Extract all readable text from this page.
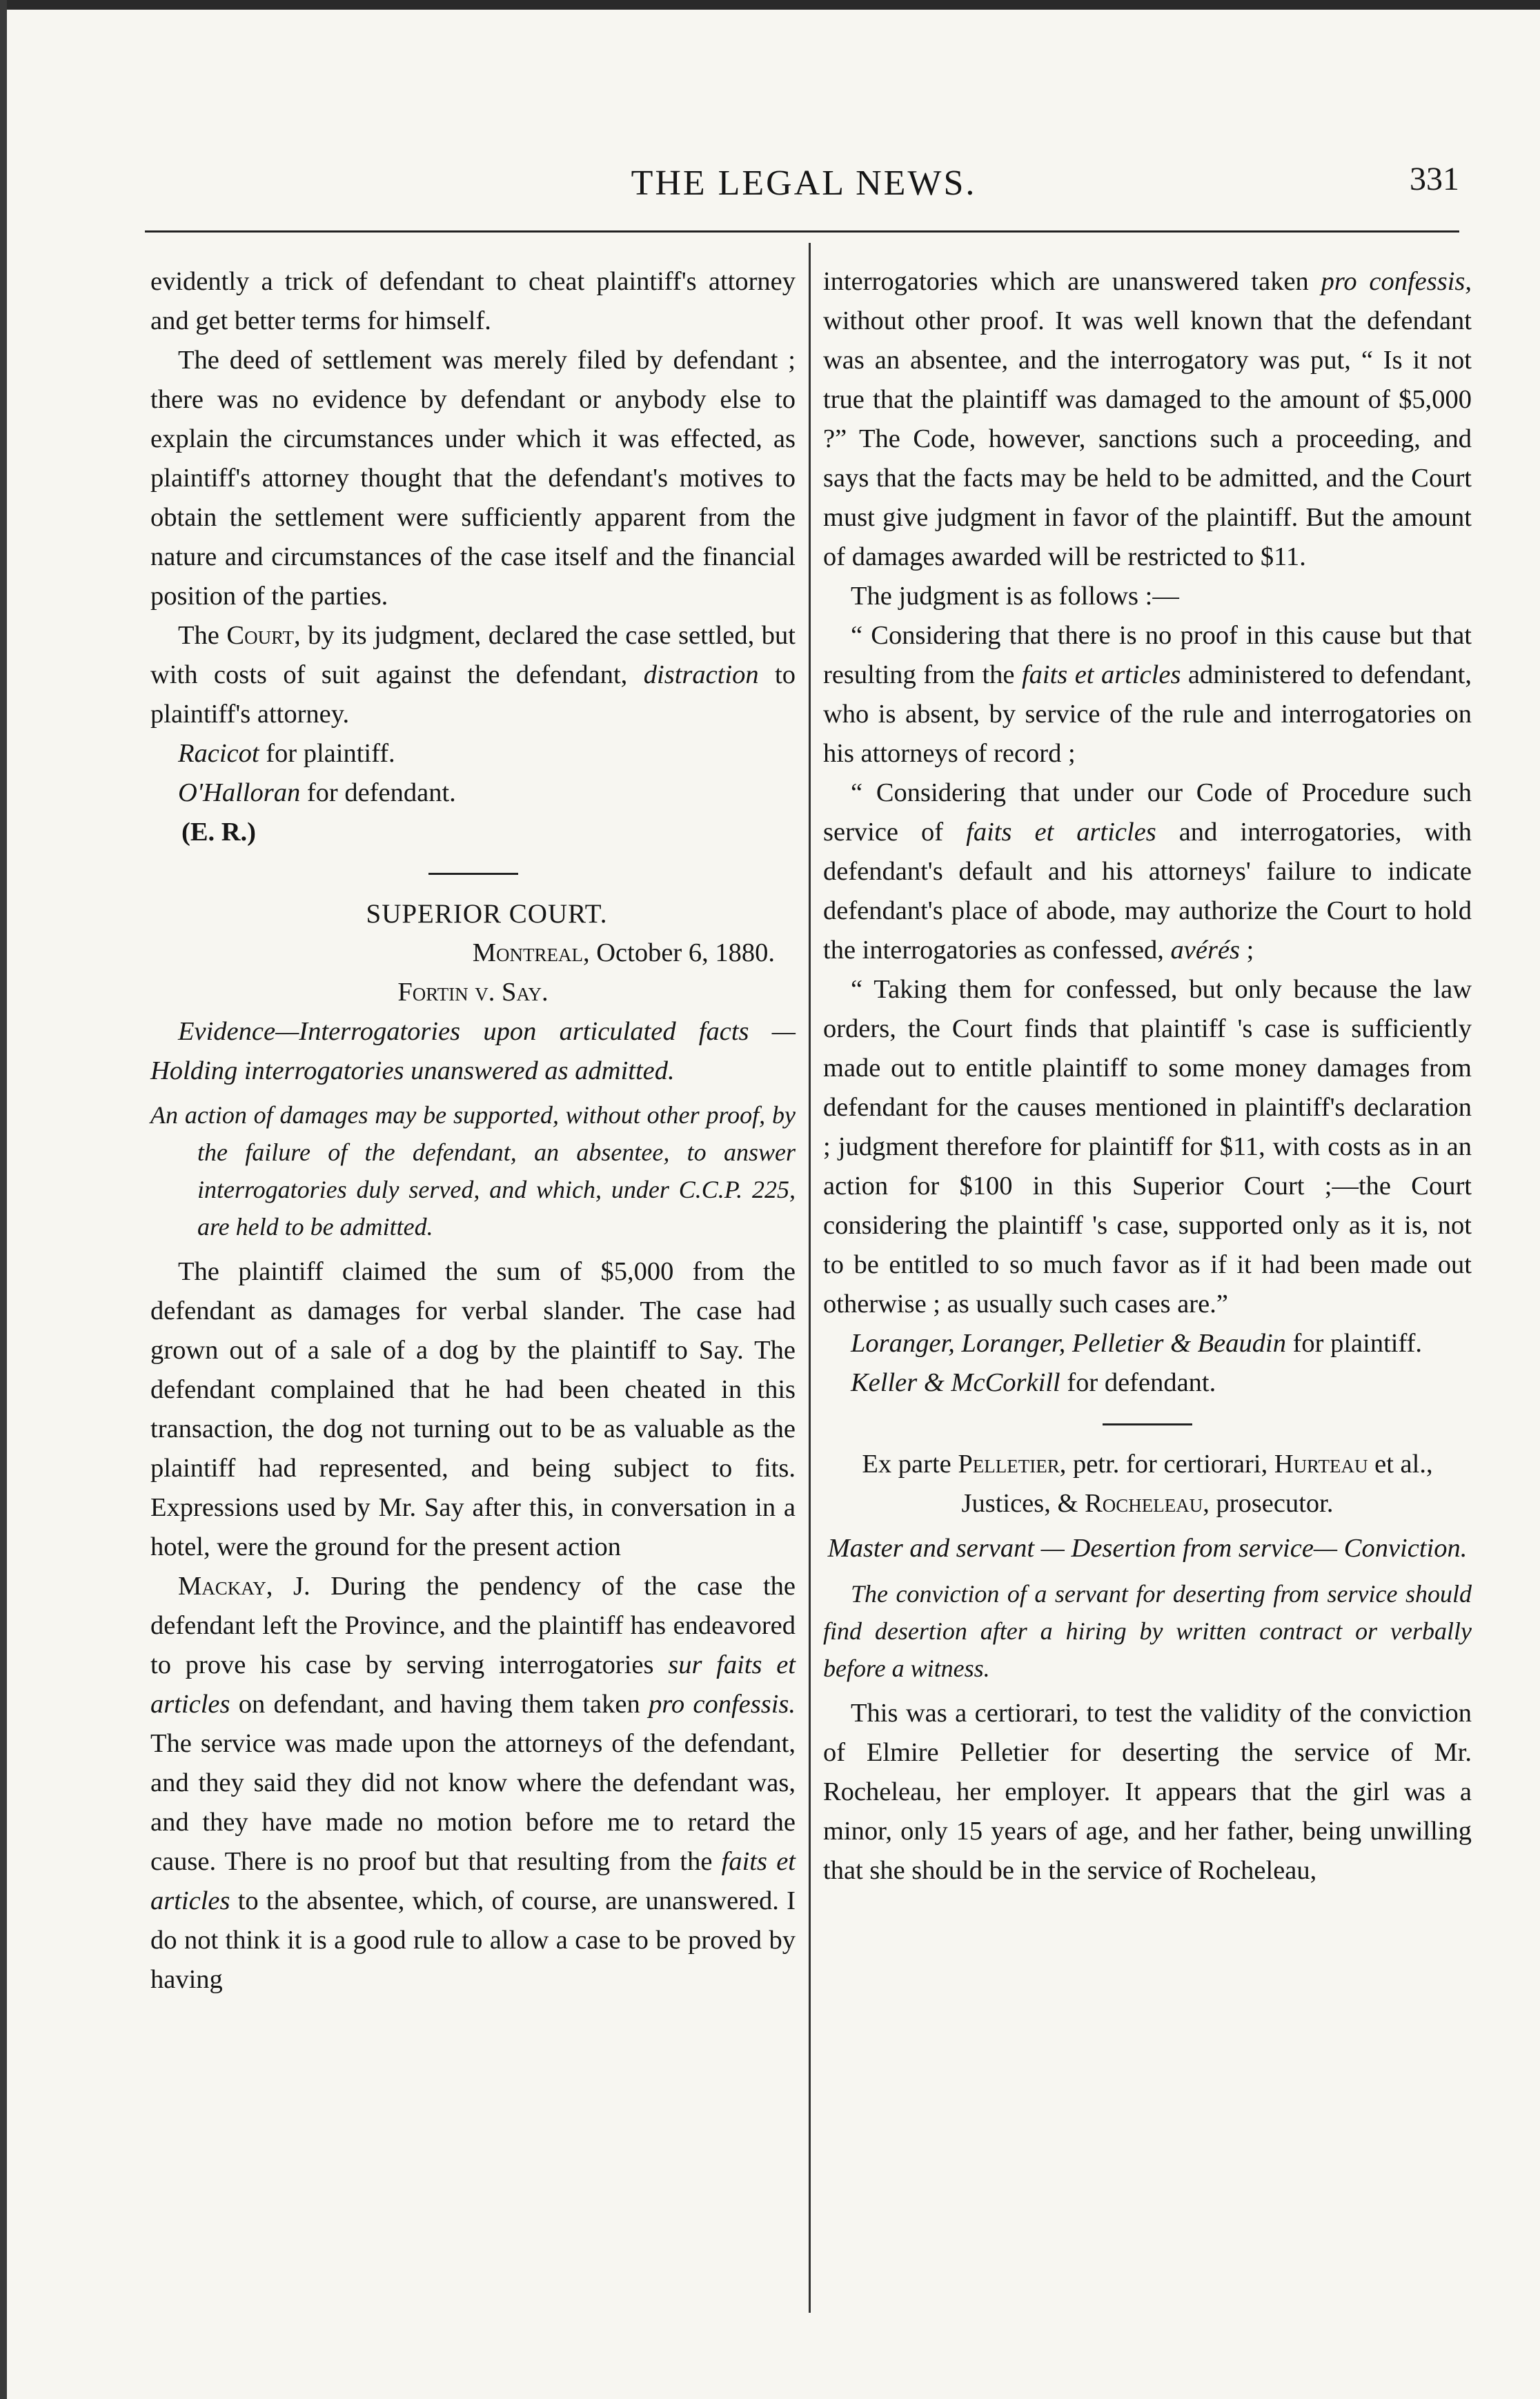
THE LEGAL NEWS.	331

evidently a trick of defendant to cheat plaintiff's attorney and get better terms for himself.

The deed of settlement was merely filed by defendant ; there was no evidence by defendant or anybody else to explain the circumstances under which it was effected, as plaintiff's attorney thought that the defendant's motives to obtain the settlement were sufficiently apparent from the nature and circumstances of the case itself and the financial position of the parties.

The Court, by its judgment, declared the case settled, but with costs of suit against the defendant, distraction to plaintiff's attorney.

Racicot for plaintiff.

O'Halloran for defendant.

(E. R.)

SUPERIOR COURT.

Montreal, October 6, 1880.

Fortin v. Say.

Evidence—Interrogatories upon articulated facts —Holding interrogatories unanswered as admitted.

An action of damages may be supported, without other proof, by the failure of the defendant, an absentee, to answer interrogatories duly served, and which, under C.C.P. 225, are held to be admitted.

The plaintiff claimed the sum of $5,000 from the defendant as damages for verbal slander. The case had grown out of a sale of a dog by the plaintiff to Say. The defendant complained that he had been cheated in this transaction, the dog not turning out to be as valuable as the plaintiff had represented, and being subject to fits. Expressions used by Mr. Say after this, in conversation in a hotel, were the ground for the present action

Mackay, J. During the pendency of the case the defendant left the Province, and the plaintiff has endeavored to prove his case by serving interrogatories sur faits et articles on defendant, and having them taken pro confessis. The service was made upon the attorneys of the defendant, and they said they did not know where the defendant was, and they have made no motion before me to retard the cause. There is no proof but that resulting from the faits et articles to the absentee, which, of course, are unanswered. I do not think it is a good rule to allow a case to be proved by having

interrogatories which are unanswered taken pro confessis, without other proof. It was well known that the defendant was an absentee, and the interrogatory was put, “ Is it not true that the plaintiff was damaged to the amount of $5,000 ?” The Code, however, sanctions such a proceeding, and says that the facts may be held to be admitted, and the Court must give judgment in favor of the plaintiff. But the amount of damages awarded will be restricted to $11.

The judgment is as follows :—

“ Considering that there is no proof in this cause but that resulting from the faits et articles administered to defendant, who is absent, by service of the rule and interrogatories on his attorneys of record ;

“ Considering that under our Code of Procedure such service of faits et articles and interrogatories, with defendant's default and his attorneys' failure to indicate defendant's place of abode, may authorize the Court to hold the interrogatories as confessed, avérés ;

“ Taking them for confessed, but only because the law orders, the Court finds that plaintiff 's case is sufficiently made out to entitle plaintiff to some money damages from defendant for the causes mentioned in plaintiff's declaration ; judgment therefore for plaintiff for $11, with costs as in an action for $100 in this Superior Court ;—the Court considering the plaintiff 's case, supported only as it is, not to be entitled to so much favor as if it had been made out otherwise ; as usually such cases are.”

Loranger, Loranger, Pelletier & Beaudin for plaintiff.

Keller & McCorkill for defendant.

Ex parte Pelletier, petr. for certiorari, Hurteau et al., Justices, & Rocheleau, prosecutor.

Master and servant — Desertion from service— Conviction.

The conviction of a servant for deserting from service should find desertion after a hiring by written contract or verbally before a witness.

This was a certiorari, to test the validity of the conviction of Elmire Pelletier for deserting the service of Mr. Rocheleau, her employer. It appears that the girl was a minor, only 15 years of age, and her father, being unwilling that she should be in the service of Rocheleau,
